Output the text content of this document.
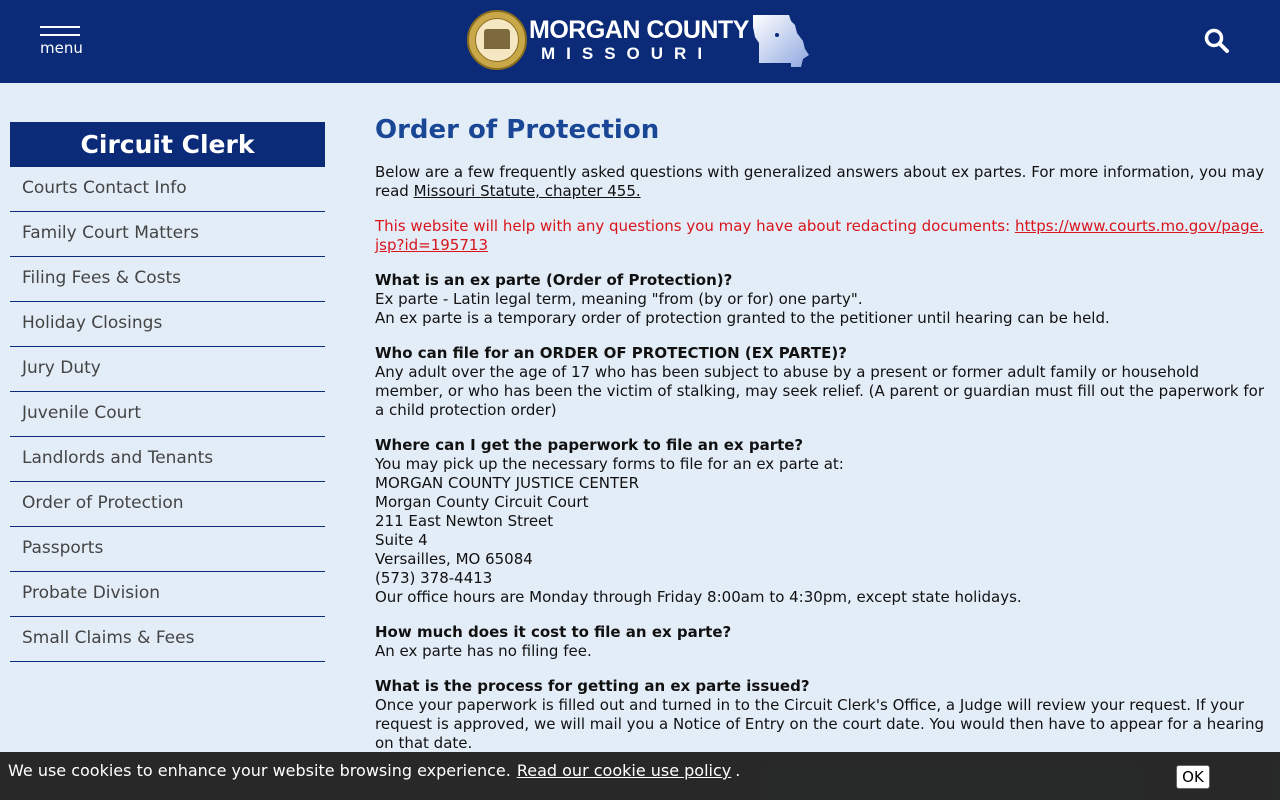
menu
MORGAN COUNTY
MISSOURI
Circuit Clerk
Courts Contact Info
Family Court Matters
Filing Fees & Costs
Holiday Closings
Jury Duty
Juvenile Court
Landlords and Tenants
Order of Protection
Passports
Probate Division
Small Claims & Fees
Order of Protection

Below are a few frequently asked questions with generalized answers about ex partes. For more information, you may read Missouri Statute, chapter 455.

This website will help with any questions you may have about redacting documents: https://www.courts.mo.gov/page.jsp?id=195713

What is an ex parte (Order of Protection)?
Ex parte - Latin legal term, meaning "from (by or for) one party".
An ex parte is a temporary order of protection granted to the petitioner until hearing can be held.

Who can file for an ORDER OF PROTECTION (EX PARTE)?
Any adult over the age of 17 who has been subject to abuse by a present or former adult family or household member, or who has been the victim of stalking, may seek relief. (A parent or guardian must fill out the paperwork for a child protection order)

Where can I get the paperwork to file an ex parte?
You may pick up the necessary forms to file for an ex parte at:
MORGAN COUNTY JUSTICE CENTER
Morgan County Circuit Court
211 East Newton Street
Suite 4
Versailles, MO 65084
(573) 378-4413
Our office hours are Monday through Friday 8:00am to 4:30pm, except state holidays.

How much does it cost to file an ex parte?
An ex parte has no filing fee.

What is the process for getting an ex parte issued?
Once your paperwork is filled out and turned in to the Circuit Clerk's Office, a Judge will review your request. If your request is approved, we will mail you a Notice of Entry on the court date. You would then have to appear for a hearing on that date.

We use cookies to enhance your website browsing experience. Read our cookie use policy .	OK
